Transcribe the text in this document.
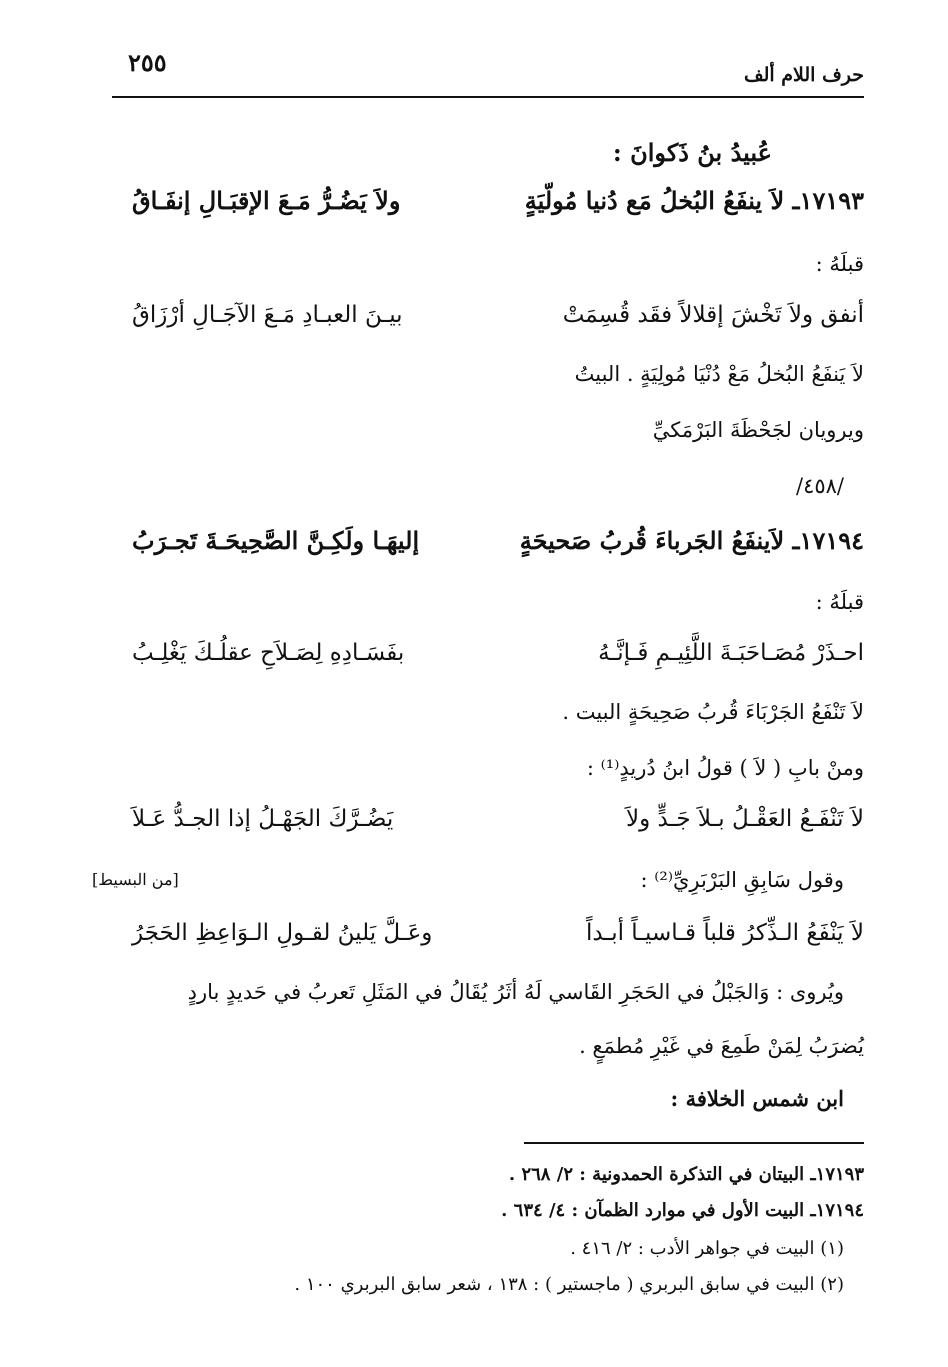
٢٥٥	حرف اللام ألف
عُبيدُ بنُ ذَكوانَ :
١٧١٩٣ـ لاَ ينفَعُ البُخلُ مَع دُنيا مُولّيَةٍ
ولاَ يَضُـرُّ مَـعَ الإقبَـالِ إنفَـاقُ
قبلَهُ :
أنفق ولاَ تَخْشَ إقلالاً فقَد قُسِمَتْ
بيـنَ العبـادِ مَـعَ الآجَـالِ أرْزَاقُ
لاَ يَنفَعُ البُخلُ مَعْ دُنْيَا مُولِيَةٍ . البيتُ
ويرويان لجَحْظَةَ البَرْمَكيِّ
/٤٥٨/
١٧١٩٤ـ لاَينفَعُ الجَرباءَ قُربُ صَحيحَةٍ
إليهَـا ولَكِـنَّ الصَّحِيحَـةَ تَجـرَبُ
قبلَهُ :
احـذَرْ مُصَـاحَبَـةَ اللَّئِيـمِ فَـإنَّـهُ
بفَسَـادِهِ لِصَـلاَحِ عقلُـكَ يَغْلِـبُ
لاَ تَنْفَعُ الجَرْبَاءَ قُربُ صَحِيحَةٍ البيت .
ومنْ بابِ ( لاَ ) قولُ ابنُ دُريدٍ⁽¹⁾ :
لاَ تَنْفَـعُ العَقْـلُ بـلاَ جَـدٍّ ولاَ
يَضُـرَّكَ الجَهْـلُ إذا الجـدُّ عَـلاَ
وقول سَابِقِ البَرْبَرِيِّ⁽²⁾ :
[من البسيط]
لاَ يَنْفَعُ الـذِّكرُ قلباً قـاسيـاً أبـداً
وعَـلَّ يَلينُ لقـولِ الـوَاعِظِ الحَجَرُ
ويُروى : وَالجَبْلُ في الحَجَرِ القَاسي لَهُ أثَرُ يُقَالُ في المَثَلِ تَعربُ في حَديدٍ باردٍ
يُضرَبُ لِمَنْ طَمِعَ في غَيْرِ مُطمَعٍ .
ابن شمس الخلافة :
١٧١٩٣ـ البيتان في التذكرة الحمدونية : ٢/ ٢٦٨ .
١٧١٩٤ـ البيت الأول في موارد الظمآن : ٤/ ٦٣٤ .
(١) البيت في جواهر الأدب : ٢/ ٤١٦ .
(٢) البيت في سابق البربري ( ماجستير ) : ١٣٨ ، شعر سابق البربري ١٠٠ .
